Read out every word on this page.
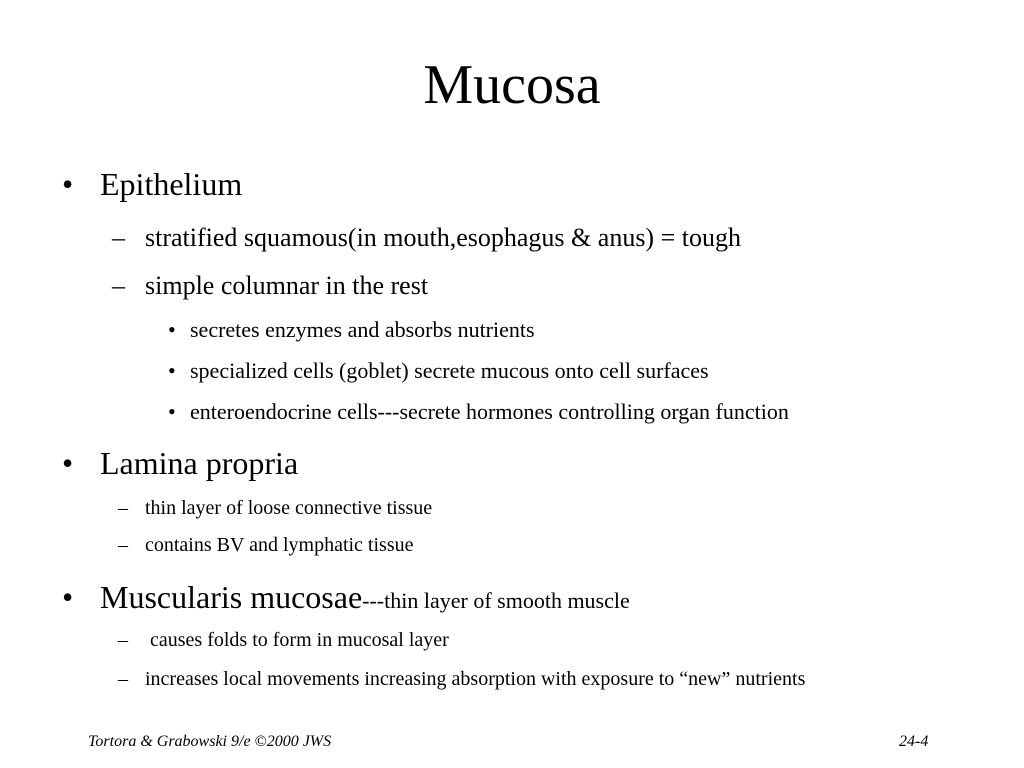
Mucosa
• Epithelium
– stratified squamous(in mouth,esophagus & anus) = tough
– simple columnar in the rest
• secretes enzymes and absorbs nutrients
• specialized cells (goblet) secrete mucous onto cell surfaces
• enteroendocrine cells---secrete hormones controlling organ function
• Lamina propria
– thin layer of loose connective tissue
– contains BV and lymphatic tissue
• Muscularis mucosae---thin layer of smooth muscle
– causes folds to form in mucosal layer
– increases local movements increasing absorption with exposure to “new” nutrients
Tortora & Grabowski 9/e ©2000 JWS	24-4
